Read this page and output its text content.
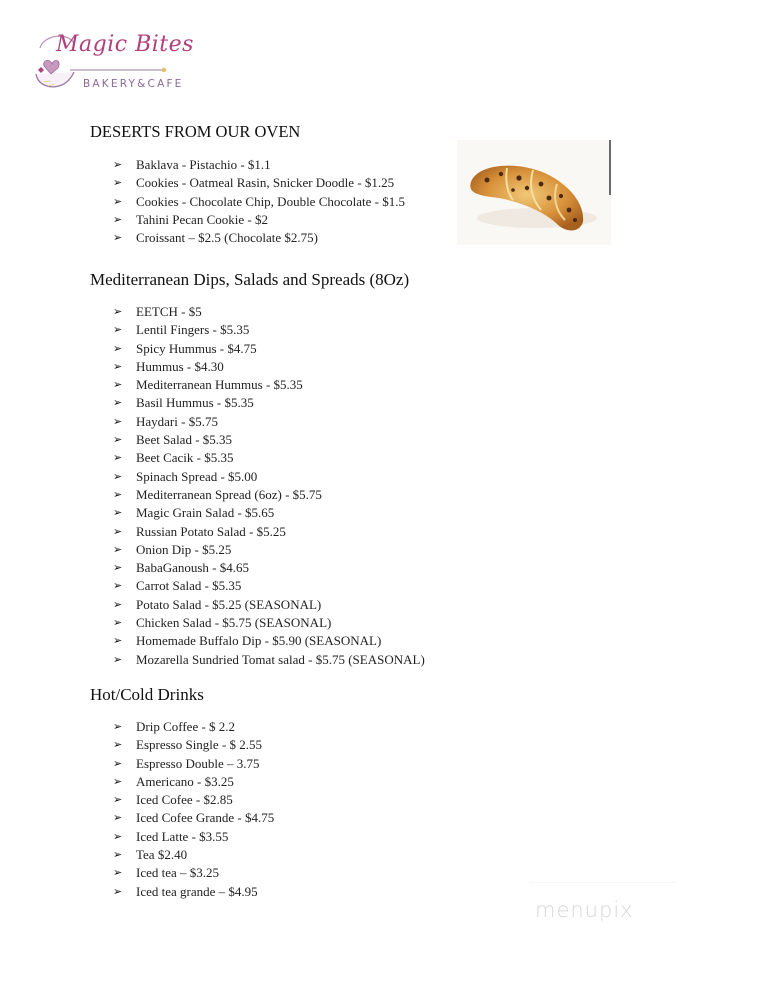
Magic Bites
BAKERY&CAFE
DESERTS FROM OUR OVEN
➢	Baklava - Pistachio - $1.1
➢	Cookies - Oatmeal Rasin, Snicker Doodle - $1.25
➢	Cookies - Chocolate Chip, Double Chocolate - $1.5
➢	Tahini Pecan Cookie - $2
➢	Croissant – $2.5 (Chocolate $2.75)
Mediterranean Dips, Salads and Spreads (8Oz)
➢	EETCH - $5
➢	Lentil Fingers - $5.35
➢	Spicy Hummus - $4.75
➢	Hummus - $4.30
➢	Mediterranean Hummus - $5.35
➢	Basil Hummus - $5.35
➢	Haydari - $5.75
➢	Beet Salad - $5.35
➢	Beet Cacik - $5.35
➢	Spinach Spread - $5.00
➢	Mediterranean Spread (6oz) - $5.75
➢	Magic Grain Salad - $5.65
➢	Russian Potato Salad - $5.25
➢	Onion Dip - $5.25
➢	BabaGanoush - $4.65
➢	Carrot Salad - $5.35
➢	Potato Salad - $5.25 (SEASONAL)
➢	Chicken Salad - $5.75 (SEASONAL)
➢	Homemade Buffalo Dip - $5.90 (SEASONAL)
➢	Mozarella Sundried Tomat salad - $5.75 (SEASONAL)
Hot/Cold Drinks
➢	Drip Coffee - $ 2.2
➢	Espresso Single - $ 2.55
➢	Espresso Double – 3.75
➢	Americano - $3.25
➢	Iced Cofee - $2.85
➢	Iced Cofee Grande - $4.75
➢	Iced Latte - $3.55
➢	Tea $2.40
➢	Iced tea – $3.25
➢	Iced tea grande – $4.95
menupix
